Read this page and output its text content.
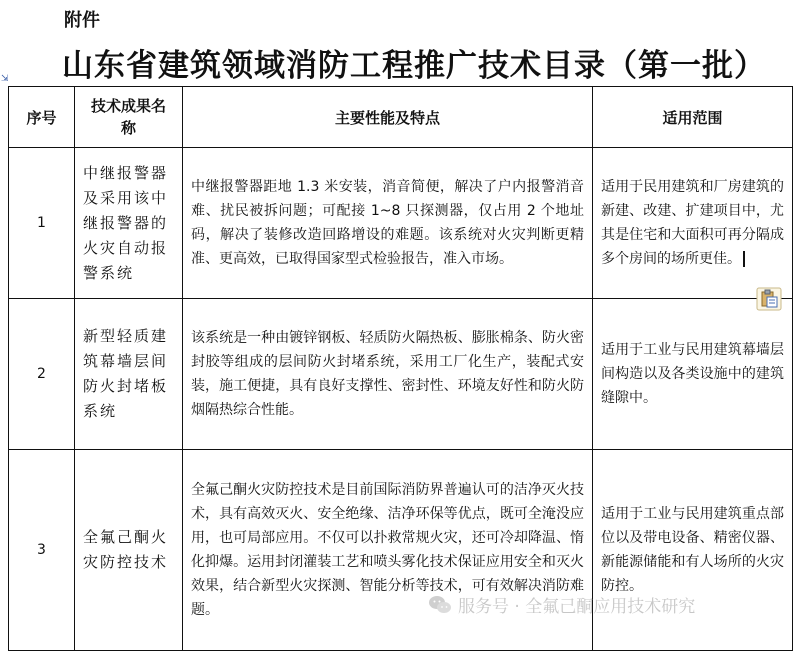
附件
山东省建筑领域消防工程推广技术目录（第一批）
⇲
序号	技术成果名称	主要性能及特点	适用范围
1	中继报警器及采用该中继报警器的火灾自动报警系统	中继报警器距地 1.3 米安装，消音简便，解决了户内报警消音难、扰民被拆问题；可配接 1~8 只探测器，仅占用 2 个地址码，解决了装修改造回路增设的难题。该系统对火灾判断更精准、更高效，已取得国家型式检验报告，准入市场。	适用于民用建筑和厂房建筑的新建、改建、扩建项目中，尤其是住宅和大面积可再分隔成多个房间的场所更佳。
2	新型轻质建筑幕墙层间防火封堵板系统	该系统是一种由镀锌钢板、轻质防火隔热板、膨胀棉条、防火密封胶等组成的层间防火封堵系统，采用工厂化生产，装配式安装，施工便捷，具有良好支撑性、密封性、环境友好性和防火防烟隔热综合性能。	适用于工业与民用建筑幕墙层间构造以及各类设施中的建筑缝隙中。
3	全氟己酮火灾防控技术	全氟己酮火灾防控技术是目前国际消防界普遍认可的洁净灭火技术，具有高效灭火、安全绝缘、洁净环保等优点，既可全淹没应用，也可局部应用。不仅可以扑救常规火灾，还可冷却降温、惰化抑爆。运用封闭灌装工艺和喷头雾化技术保证应用安全和灭火效果，结合新型火灾探测、智能分析等技术，可有效解决消防难题。	适用于工业与民用建筑重点部位以及带电设备、精密仪器、新能源储能和有人场所的火灾防控。
服务号 · 全氟己酮应用技术研究
